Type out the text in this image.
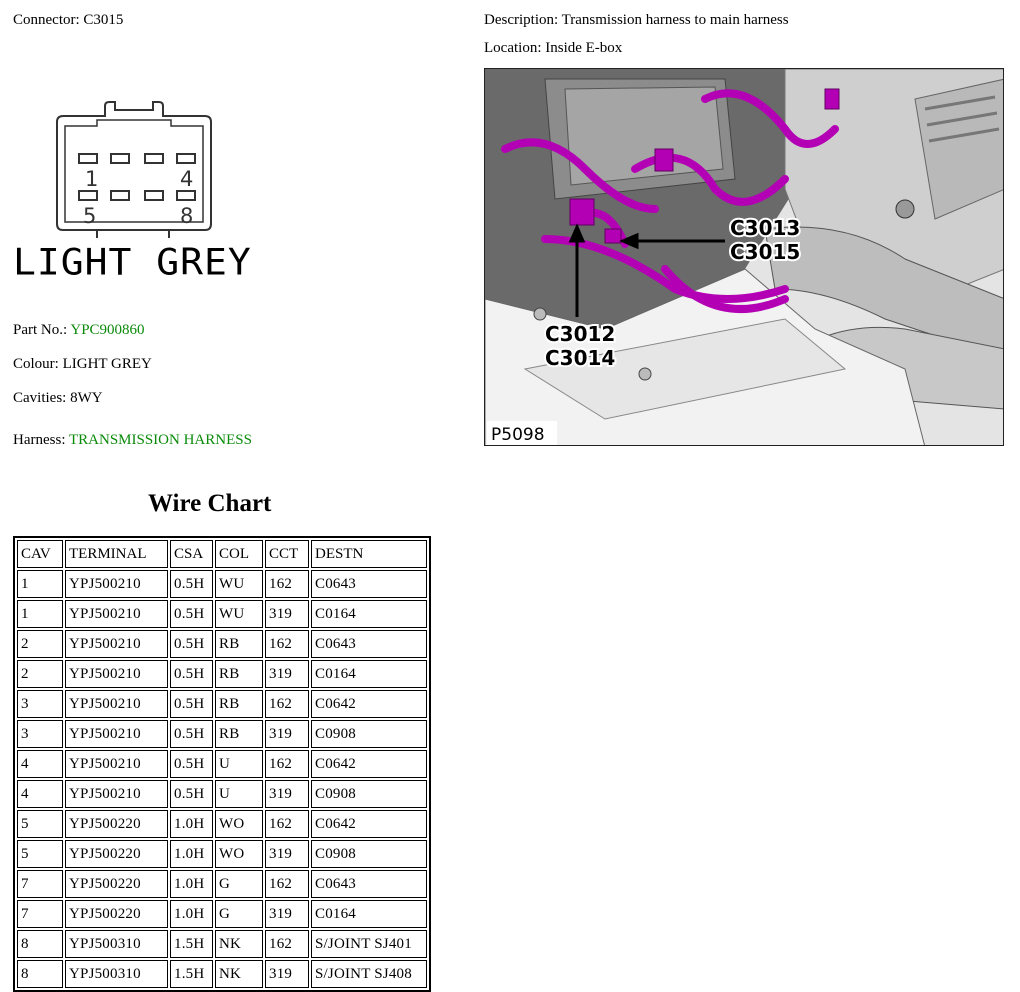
Connector: C3015	Description: Transmission harness to main harness
Location: Inside E-box
1	4
5	8
LIGHT GREY
Part No.: YPC900860
Colour: LIGHT GREY
Cavities: 8WY
Harness: TRANSMISSION HARNESS
C3013
C3015
C3012
C3014
P5098
Wire Chart
CAV	TERMINAL	CSA	COL	CCT	DESTN
1	YPJ500210	0.5H	WU	162	C0643
1	YPJ500210	0.5H	WU	319	C0164
2	YPJ500210	0.5H	RB	162	C0643
2	YPJ500210	0.5H	RB	319	C0164
3	YPJ500210	0.5H	RB	162	C0642
3	YPJ500210	0.5H	RB	319	C0908
4	YPJ500210	0.5H	U	162	C0642
4	YPJ500210	0.5H	U	319	C0908
5	YPJ500220	1.0H	WO	162	C0642
5	YPJ500220	1.0H	WO	319	C0908
7	YPJ500220	1.0H	G	162	C0643
7	YPJ500220	1.0H	G	319	C0164
8	YPJ500310	1.5H	NK	162	S/JOINT SJ401
8	YPJ500310	1.5H	NK	319	S/JOINT SJ408
